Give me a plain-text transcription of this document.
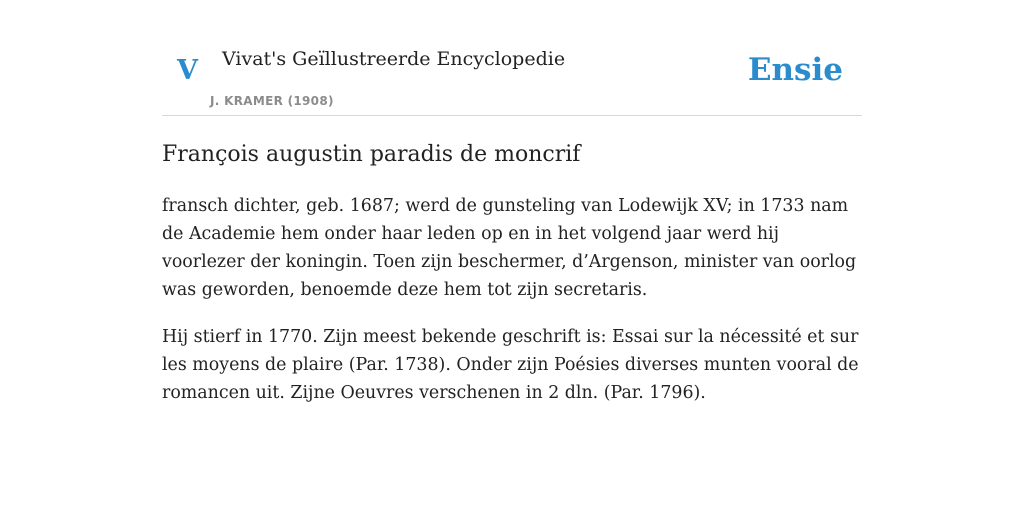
V Vivat's Geïllustreerde Encyclopedie
J. KRAMER (1908)
Ensie
François augustin paradis de moncrif

fransch dichter, geb. 1687; werd de gunsteling van Lodewijk XV; in 1733 nam de Academie hem onder haar leden op en in het volgend jaar werd hij voorlezer der koningin. Toen zijn beschermer, d’Argenson, minister van oorlog was geworden, benoemde deze hem tot zijn secretaris.

Hij stierf in 1770. Zijn meest bekende geschrift is: Essai sur la nécessité et sur les moyens de plaire (Par. 1738). Onder zijn Poésies diverses munten vooral de romancen uit. Zijne Oeuvres verschenen in 2 dln. (Par. 1796).
